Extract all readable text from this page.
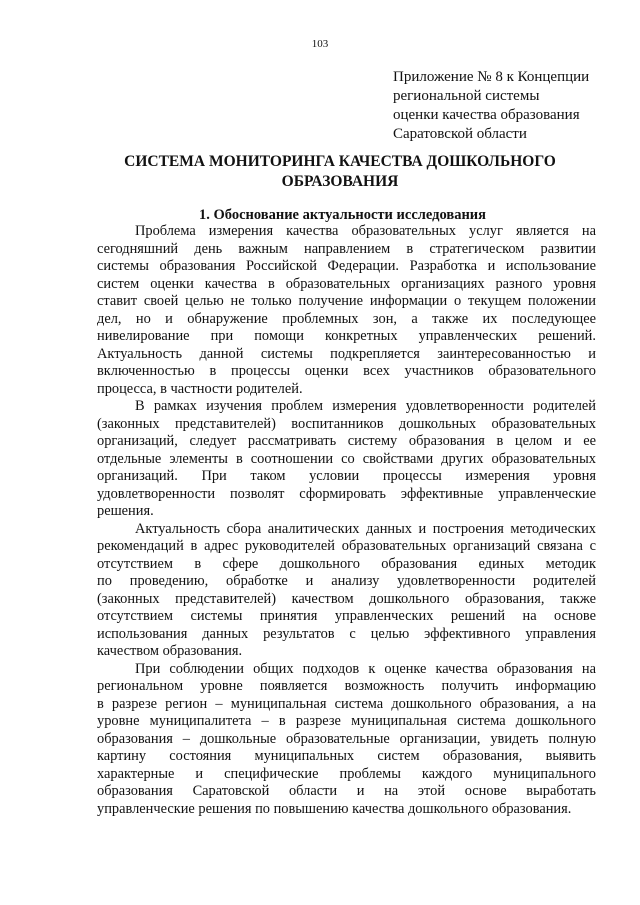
103
Приложение № 8 к Концепции
региональной системы
оценки качества образования
Саратовской области
СИСТЕМА МОНИТОРИНГА КАЧЕСТВА ДОШКОЛЬНОГО
ОБРАЗОВАНИЯ
1. Обоснование актуальности исследования
Проблема измерения качества образовательных услуг является на
сегодняшний день важным направлением в стратегическом развитии
системы образования Российской Федерации. Разработка и использование
систем оценки качества в образовательных организациях разного уровня
ставит своей целью не только получение информации о текущем положении
дел, но и обнаружение проблемных зон, а также их последующее
нивелирование при помощи конкретных управленческих решений.
Актуальность данной системы подкрепляется заинтересованностью и
включенностью в процессы оценки всех участников образовательного
процесса, в частности родителей.
В рамках изучения проблем измерения удовлетворенности родителей
(законных представителей) воспитанников дошкольных образовательных
организаций, следует рассматривать систему образования в целом и ее
отдельные элементы в соотношении со свойствами других образовательных
организаций. При таком условии процессы измерения уровня
удовлетворенности позволят сформировать эффективные управленческие
решения.
Актуальность сбора аналитических данных и построения методических
рекомендаций в адрес руководителей образовательных организаций связана с
отсутствием в сфере дошкольного образования единых методик
по проведению, обработке и анализу удовлетворенности родителей
(законных представителей) качеством дошкольного образования, также
отсутствием системы принятия управленческих решений на основе
использования данных результатов с целью эффективного управления
качеством образования.
При соблюдении общих подходов к оценке качества образования на
региональном уровне появляется возможность получить информацию
в разрезе регион – муниципальная система дошкольного образования, а на
уровне муниципалитета – в разрезе муниципальная система дошкольного
образования – дошкольные образовательные организации, увидеть полную
картину состояния муниципальных систем образования, выявить
характерные и специфические проблемы каждого муниципального
образования Саратовской области и на этой основе выработать
управленческие решения по повышению качества дошкольного образования.
